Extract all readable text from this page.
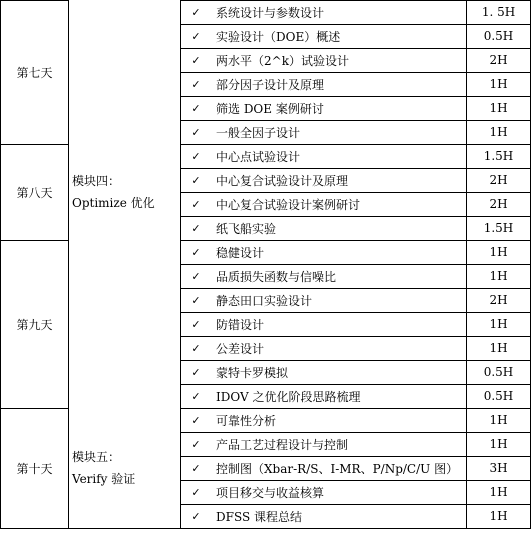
第七天
✓	系统设计与参数设计	1. 5H
✓	实验设计（DOE）概述	0.5H
✓	两水平（2^k）试验设计	2H
✓	部分因子设计及原理	1H
✓	筛选 DOE 案例研讨	1H
✓	一般全因子设计	1H
第八天
模块四：
Optimize 优化
✓	中心点试验设计	1.5H
✓	中心复合试验设计及原理	2H
✓	中心复合试验设计案例研讨	2H
✓	纸飞船实验	1.5H
第九天
✓	稳健设计	1H
✓	品质损失函数与信噪比	1H
✓	静态田口实验设计	2H
✓	防错设计	1H
✓	公差设计	1H
✓	蒙特卡罗模拟	0.5H
✓	IDOV 之优化阶段思路梳理	0.5H
第十天
模块五：
Verify 验证
✓	可靠性分析	1H
✓	产品工艺过程设计与控制	1H
✓	控制图（Xbar-R/S、I-MR、P/Np/C/U 图）	3H
✓	项目移交与收益核算	1H
✓	DFSS 课程总结	1H
